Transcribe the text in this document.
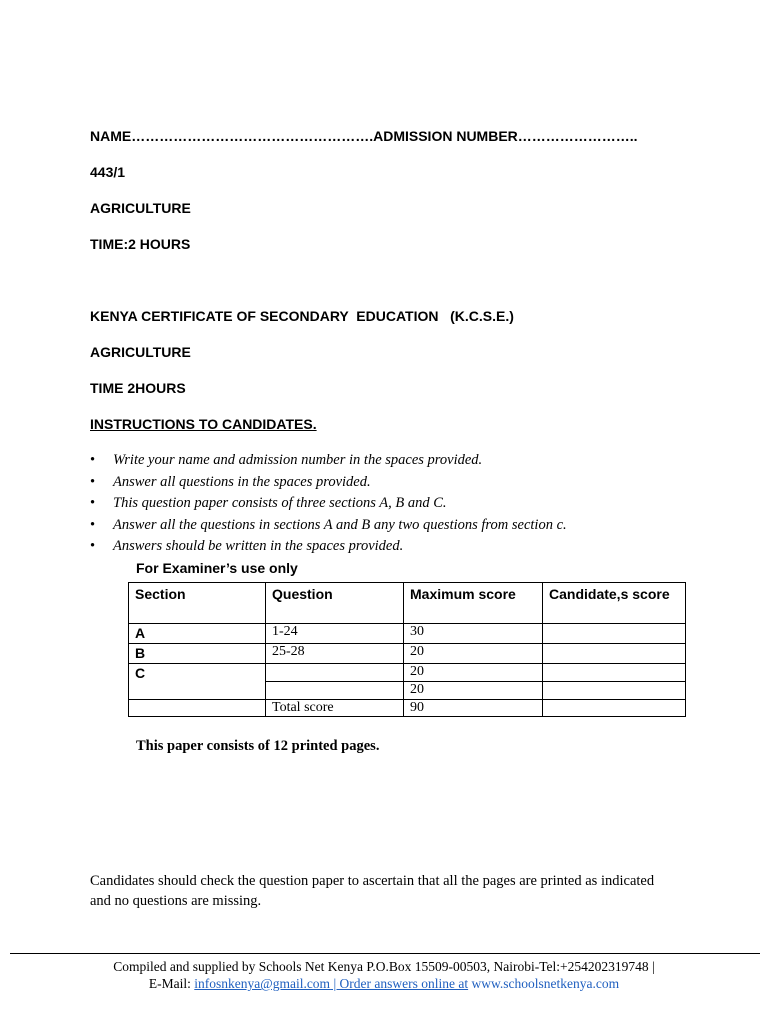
NAME…………………………………………….ADMISSION NUMBER……………………..
443/1
AGRICULTURE
TIME:2 HOURS
KENYA CERTIFICATE OF SECONDARY  EDUCATION   (K.C.S.E.)
AGRICULTURE
TIME 2HOURS
INSTRUCTIONS TO CANDIDATES.
• Write your name and admission number in the spaces provided.
• Answer all questions in the spaces provided.
• This question paper consists of three sections A, B and C.
• Answer all the questions in sections A and B any two questions from section c.
• Answers should be written in the spaces provided.
For Examiner’s use only
Section	Question	Maximum score	Candidate,s score
A	1-24	30	
B	25-28	20	
C		20	
		20	
	Total score	90	
This paper consists of 12 printed pages.
Candidates should check the question paper to ascertain that all the pages are printed as indicated
and no questions are missing.
Compiled and supplied by Schools Net Kenya P.O.Box 15509-00503, Nairobi-Tel:+254202319748 |
E-Mail: infosnkenya@gmail.com | Order answers online at www.schoolsnetkenya.com
